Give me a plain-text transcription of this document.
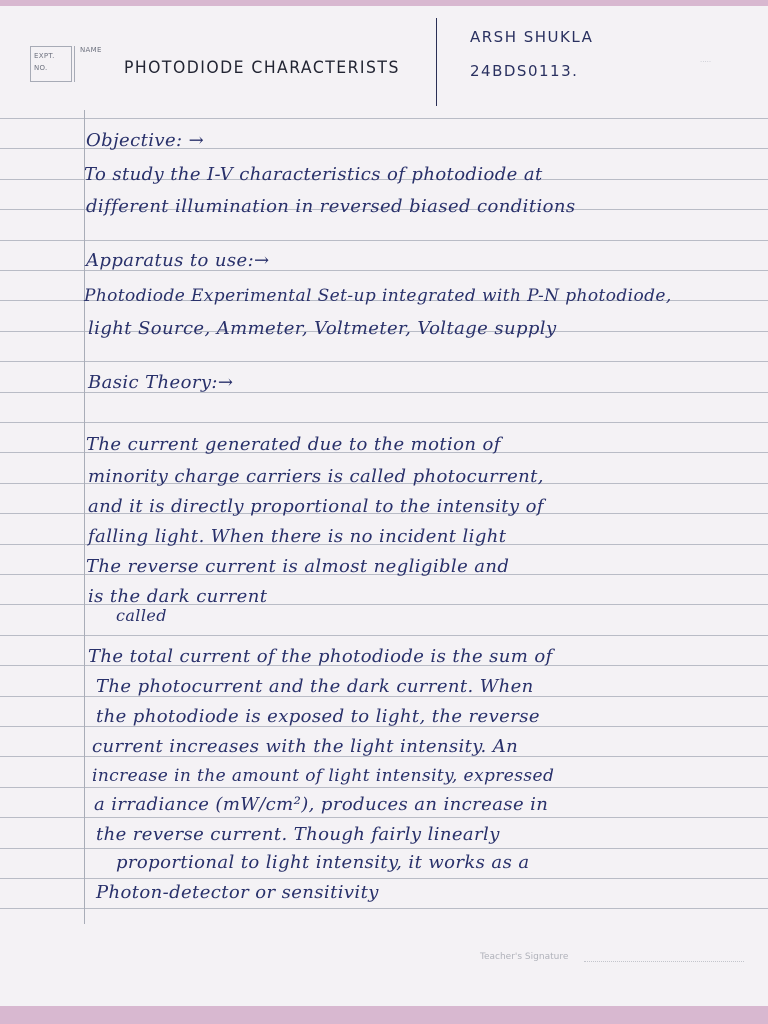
EXPT.
NO.
NAME
PHOTODIODE CHARACTERISTS
ARSH SHUKLA
24BDS0113.	·····
Objective: →
To study the I-V characteristics of photodiode at
different illumination in reversed biased conditions
Apparatus to use:→
Photodiode Experimental Set-up integrated with P-N photodiode,
light Source, Ammeter, Voltmeter, Voltage supply
Basic Theory:→
The current generated due to the motion of
minority charge carriers is called photocurrent,
and it is directly proportional to the intensity of
falling light. When there is no incident light
The reverse current is almost negligible and
is the dark current
called
The total current of the photodiode is the sum of
The photocurrent and the dark current. When
the photodiode is exposed to light, the reverse
current increases with the light intensity. An
increase in the amount of light intensity, expressed
a irradiance (mW/cm²), produces an increase in
the reverse current. Though fairly linearly
proportional to light intensity, it works as a
Photon-detector or sensitivity
Teacher's Signature
